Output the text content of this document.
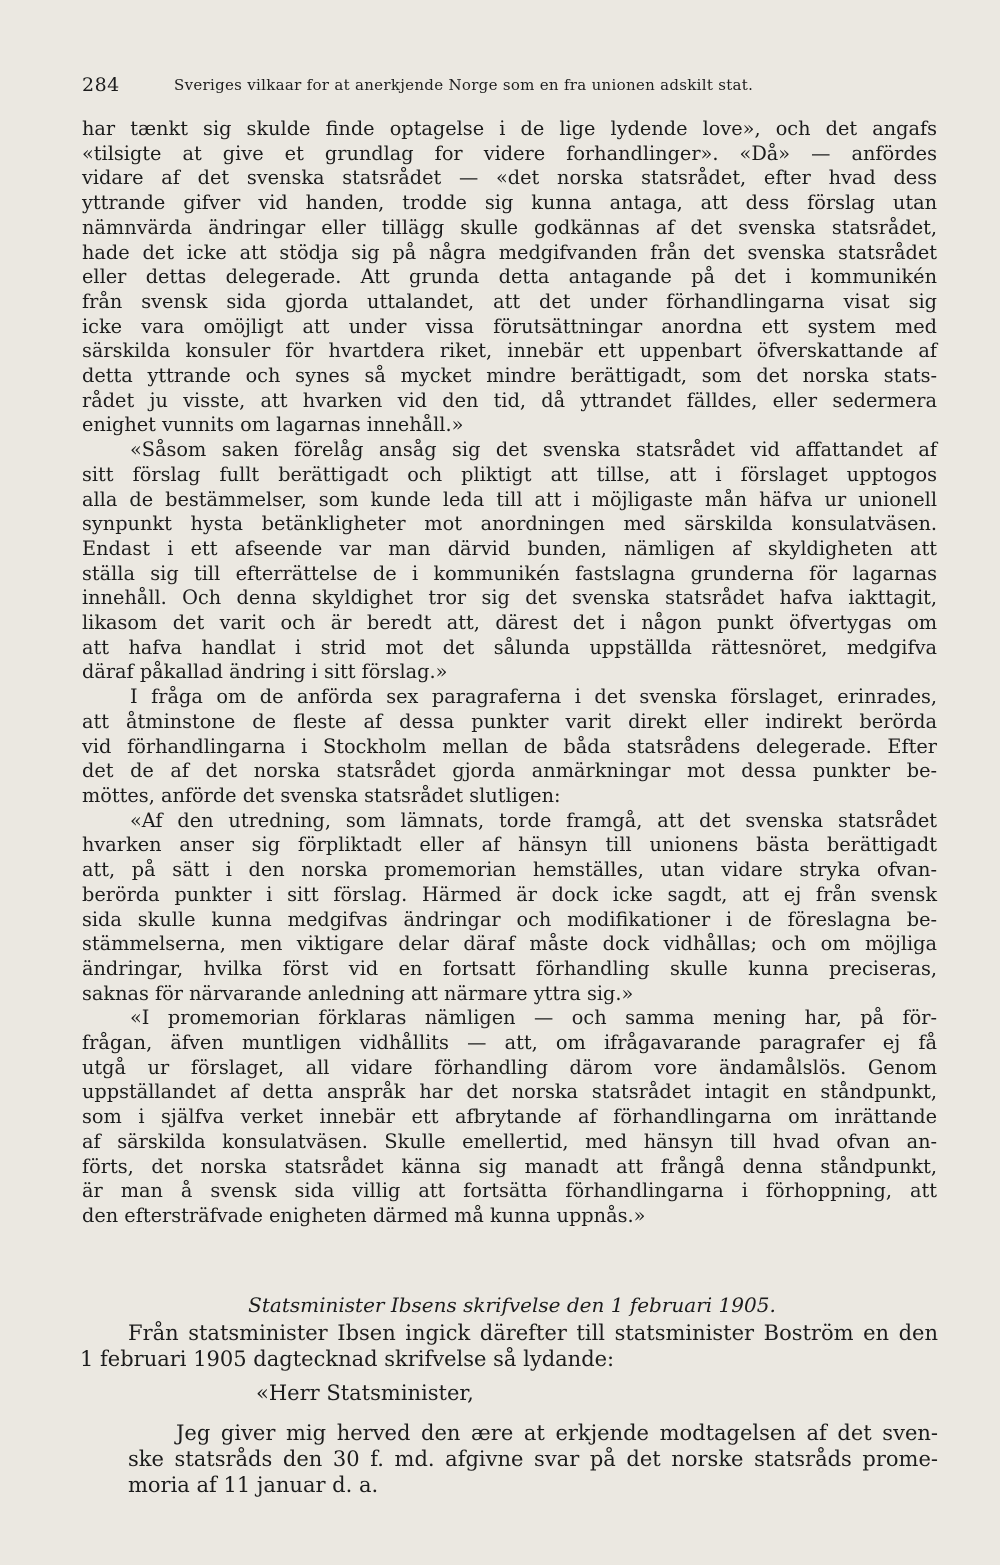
284	Sveriges vilkaar for at anerkjende Norge som en fra unionen adskilt stat.

har tænkt sig skulde finde optagelse i de lige lydende love», och det angafs

«tilsigte at give et grundlag for videre forhandlinger». «Då» — anfördes

vidare af det svenska statsrådet — «det norska statsrådet, efter hvad dess

yttrande gifver vid handen, trodde sig kunna antaga, att dess förslag utan

nämnvärda ändringar eller tillägg skulle godkännas af det svenska statsrådet,

hade det icke att stödja sig på några medgifvanden från det svenska statsrådet

eller dettas delegerade. Att grunda detta antagande på det i kommunikén

från svensk sida gjorda uttalandet, att det under förhandlingarna visat sig

icke vara omöjligt att under vissa förutsättningar anordna ett system med

särskilda konsuler för hvartdera riket, innebär ett uppenbart öfverskattande af

detta yttrande och synes så mycket mindre berättigadt, som det norska stats-

rådet ju visste, att hvarken vid den tid, då yttrandet fälldes, eller sedermera

enighet vunnits om lagarnas innehåll.»

«Såsom saken förelåg ansåg sig det svenska statsrådet vid affattandet af

sitt förslag fullt berättigadt och pliktigt att tillse, att i förslaget upptogos

alla de bestämmelser, som kunde leda till att i möjligaste mån häfva ur unionell

synpunkt hysta betänkligheter mot anordningen med särskilda konsulatväsen.

Endast i ett afseende var man därvid bunden, nämligen af skyldigheten att

ställa sig till efterrättelse de i kommunikén fastslagna grunderna för lagarnas

innehåll. Och denna skyldighet tror sig det svenska statsrådet hafva iakttagit,

likasom det varit och är beredt att, därest det i någon punkt öfvertygas om

att hafva handlat i strid mot det sålunda uppställda rättesnöret, medgifva

däraf påkallad ändring i sitt förslag.»

I fråga om de anförda sex paragraferna i det svenska förslaget, erinrades,

att åtminstone de fleste af dessa punkter varit direkt eller indirekt berörda

vid förhandlingarna i Stockholm mellan de båda statsrådens delegerade. Efter

det de af det norska statsrådet gjorda anmärkningar mot dessa punkter be-

möttes, anförde det svenska statsrådet slutligen:

«Af den utredning, som lämnats, torde framgå, att det svenska statsrådet

hvarken anser sig förpliktadt eller af hänsyn till unionens bästa berättigadt

att, på sätt i den norska promemorian hemställes, utan vidare stryka ofvan-

berörda punkter i sitt förslag. Härmed är dock icke sagdt, att ej från svensk

sida skulle kunna medgifvas ändringar och modifikationer i de föreslagna be-

stämmelserna, men viktigare delar däraf måste dock vidhållas; och om möjliga

ändringar, hvilka först vid en fortsatt förhandling skulle kunna preciseras,

saknas för närvarande anledning att närmare yttra sig.»

«I promemorian förklaras nämligen — och samma mening har, på för-

frågan, äfven muntligen vidhållits — att, om ifrågavarande paragrafer ej få

utgå ur förslaget, all vidare förhandling därom vore ändamålslös. Genom

uppställandet af detta anspråk har det norska statsrådet intagit en ståndpunkt,

som i själfva verket innebär ett afbrytande af förhandlingarna om inrättande

af särskilda konsulatväsen. Skulle emellertid, med hänsyn till hvad ofvan an-

förts, det norska statsrådet känna sig manadt att frångå denna ståndpunkt,

är man å svensk sida villig att fortsätta förhandlingarna i förhoppning, att

den eftersträfvade enigheten därmed må kunna uppnås.»

Statsminister Ibsens skrifvelse den 1 februari 1905.

Från statsminister Ibsen ingick därefter till statsminister Boström en den

1 februari 1905 dagtecknad skrifvelse så lydande:

«Herr Statsminister,

Jeg giver mig herved den ære at erkjende modtagelsen af det sven-

ske statsråds den 30 f. md. afgivne svar på det norske statsråds prome-

moria af 11 januar d. a.
